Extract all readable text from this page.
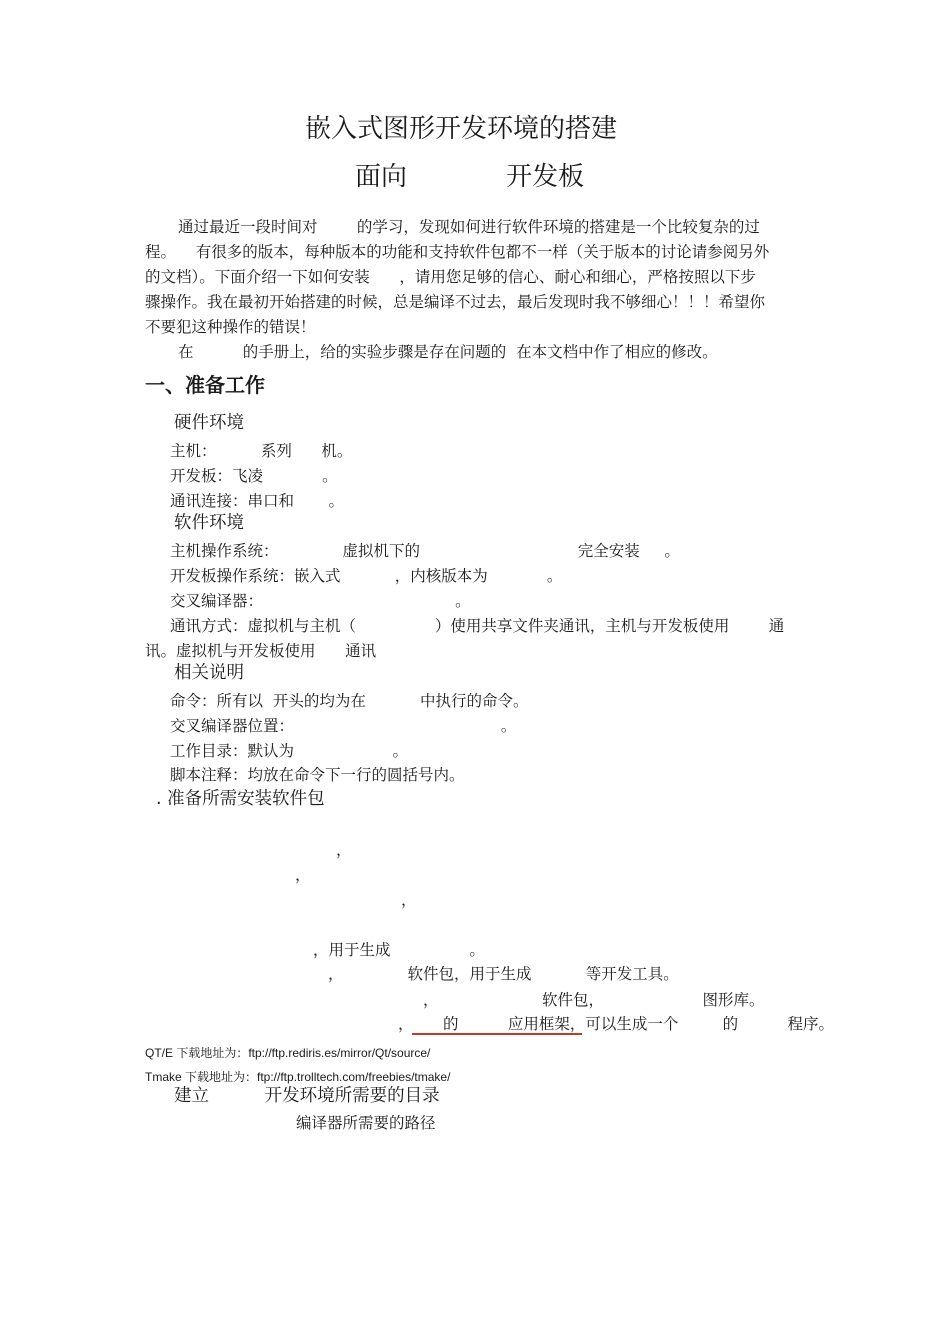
嵌入式图形开发环境的搭建
面向            开发板
通过最近一段时间对        的学习，发现如何进行软件环境的搭建是一个比较复杂的过
程。    有很多的版本，每种版本的功能和支持软件包都不一样（关于版本的讨论请参阅另外
的文档）。下面介绍一下如何安装      ，请用您足够的信心、耐心和细心，严格按照以下步
骤操作。我在最初开始搭建的时候，总是编译不过去，最后发现时我不够细心！！！希望你
不要犯这种操作的错误！
在          的手册上，给的实验步骤是存在问题的  在本文档中作了相应的修改。
一、准备工作
硬件环境
主机：         系列      机。
开发板：飞凌            。
通讯连接：串口和       。
软件环境
主机操作系统：             虚拟机下的                                完全安装     。
开发板操作系统：嵌入式           ，内核版本为            。
交叉编译器：                                       。
通讯方式：虚拟机与主机（                ）使用共享文件夹通讯，主机与开发板使用        通
讯。虚拟机与开发板使用      通讯
相关说明
命令：所有以  开头的均为在           中执行的命令。
交叉编译器位置：                                          。
工作目录：默认为                    。
脚本注释：均放在命令下一行的圆括号内。
. 准备所需安装软件包
，
，
，
，用于生成                。
，             软件包，用于生成           等开发工具。
，                     软件包，                    图形库。
，      的          应用框架，可以生成一个         的          程序。
QT/E 下载地址为：ftp://ftp.rediris.es/mirror/Qt/source/
Tmake 下载地址为：ftp://ftp.trolltech.com/freebies/tmake/
建立          开发环境所需要的目录
编译器所需要的路径
